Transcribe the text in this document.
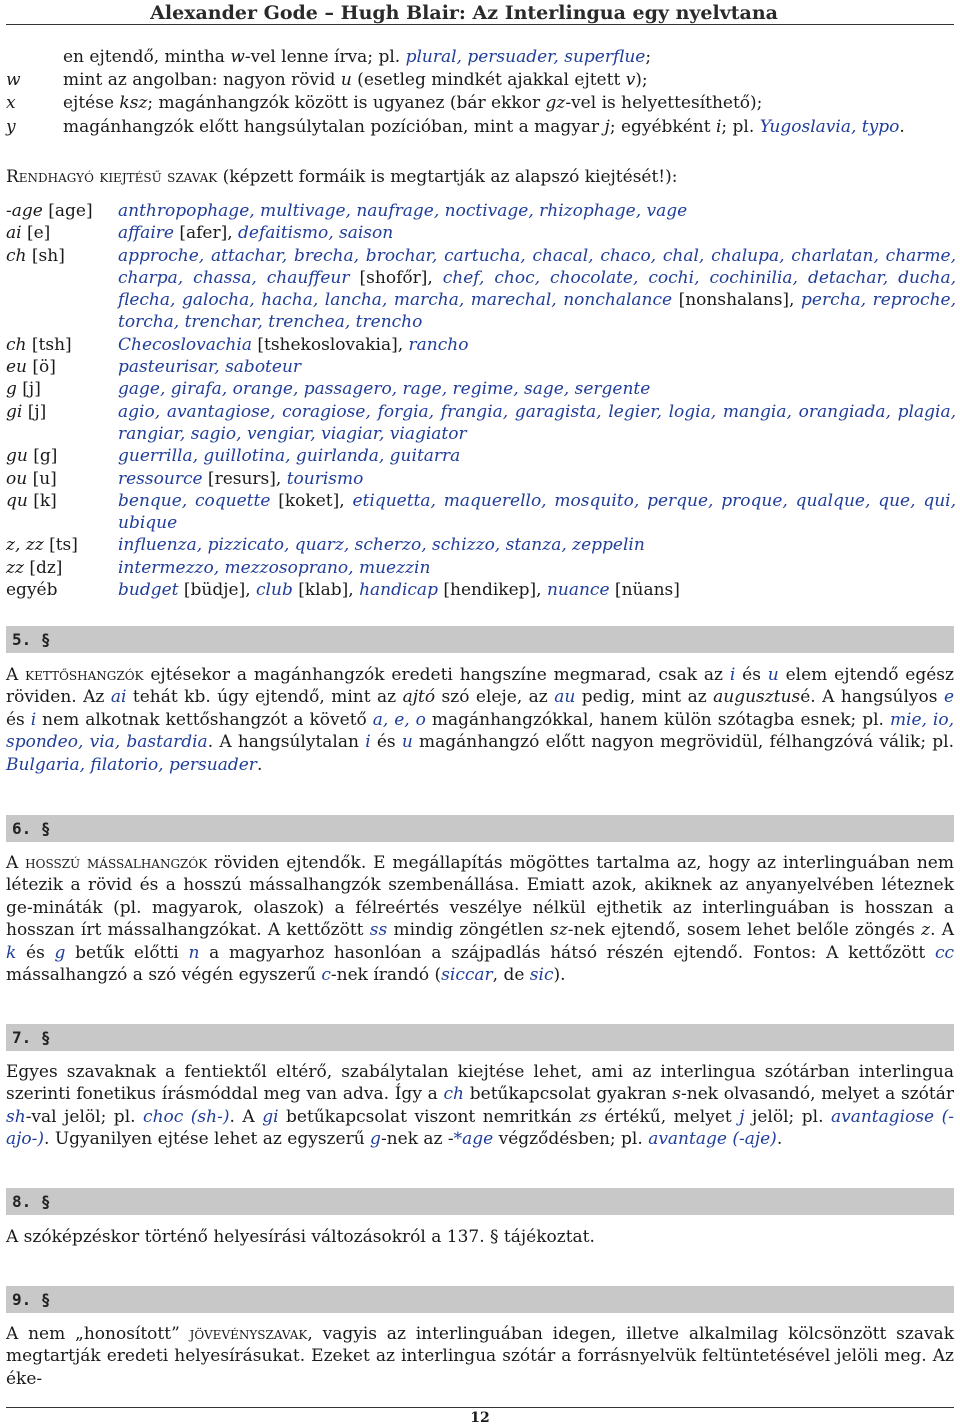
Alexander Gode – Hugh Blair: Az Interlingua egy nyelvtana
en ejtendő, mintha w-vel lenne írva; pl. plural, persuader, superflue;
w	mint az angolban: nagyon rövid u (esetleg mindkét ajakkal ejtett v);
x	ejtése ksz; magánhangzók között is ugyanez (bár ekkor gz-vel is helyettesíthető);
y	magánhangzók előtt hangsúlytalan pozícióban, mint a magyar j; egyébként i; pl. Yugoslavia, typo.
Rendhagyó kiejtésű szavak (képzett formáik is megtartják az alapszó kiejtését!):
-age [age]	anthropophage, multivage, naufrage, noctivage, rhizophage, vage
ai [e]	affaire [afer], defaitismo, saison
ch [sh]	approche, attachar, brecha, brochar, cartucha, chacal, chaco, chal, chalupa, charlatan, charme, charpa, chassa, chauffeur [shofőr], chef, choc, chocolate, cochi, cochinilia, detachar, ducha, flecha, galocha, hacha, lancha, marcha, marechal, nonchalance [nonshalans], percha, reproche, torcha, trenchar, trenchea, trencho
ch [tsh]	Checoslovachia [tshekoslovakia], rancho
eu [ö]	pasteurisar, saboteur
g [j]	gage, girafa, orange, passagero, rage, regime, sage, sergente
gi [j]	agio, avantagiose, coragiose, forgia, frangia, garagista, legier, logia, mangia, orangiada, plagia, rangiar, sagio, vengiar, viagiar, viagiator
gu [g]	guerrilla, guillotina, guirlanda, guitarra
ou [u]	ressource [resurs], tourismo
qu [k]	benque, coquette [koket], etiquetta, maquerello, mosquito, perque, proque, qualque, que, qui, ubique
z, zz [ts]	influenza, pizzicato, quarz, scherzo, schizzo, stanza, zeppelin
zz [dz]	intermezzo, mezzosoprano, muezzin
egyéb	budget [büdje], club [klab], handicap [hendikep], nuance [nüans]
5. §
A kettőshangzók ejtésekor a magánhangzók eredeti hangszíne megmarad, csak az i és u elem ejtendő egész röviden. Az ai tehát kb. úgy ejtendő, mint az ajtó szó eleje, az au pedig, mint az augusztusé. A hangsúlyos e és i nem alkotnak kettőshangzót a követő a, e, o magánhangzókkal, hanem külön szótagba esnek; pl. mie, io, spondeo, via, bastardia. A hangsúlytalan i és u magánhangzó előtt nagyon megrövidül, félhangzóvá válik; pl. Bulgaria, filatorio, persuader.
6. §
A hosszú mássalhangzók röviden ejtendők. E megállapítás mögöttes tartalma az, hogy az interlinguában nem létezik a rövid és a hosszú mássalhangzók szembenállása. Emiatt azok, akiknek az anyanyelvében léteznek ge-mináták (pl. magyarok, olaszok) a félreértés veszélye nélkül ejthetik az interlinguában is hosszan a hosszan írt mássalhangzókat. A kettőzött ss mindig zöngétlen sz-nek ejtendő, sosem lehet belőle zöngés z. A k és g betűk előtti n a magyarhoz hasonlóan a szájpadlás hátsó részén ejtendő. Fontos: A kettőzött cc mássalhangzó a szó végén egyszerű c-nek írandó (siccar, de sic).
7. §
Egyes szavaknak a fentiektől eltérő, szabálytalan kiejtése lehet, ami az interlingua szótárban interlingua szerinti fonetikus írásmóddal meg van adva. Így a ch betűkapcsolat gyakran s-nek olvasandó, melyet a szótár sh-val jelöl; pl. choc (sh-). A gi betűkapcsolat viszont nemritkán zs értékű, melyet j jelöl; pl. avantagiose (-ajo-). Ugyanilyen ejtése lehet az egyszerű g-nek az -*age végződésben; pl. avantage (-aje).
8. §
A szóképzéskor történő helyesírási változásokról a 137. § tájékoztat.
9. §
A nem „honosított” jövevényszavak, vagyis az interlinguában idegen, illetve alkalmilag kölcsönzött szavak megtartják eredeti helyesírásukat. Ezeket az interlingua szótár a forrásnyelvük feltüntetésével jelöli meg. Az éke-
12
